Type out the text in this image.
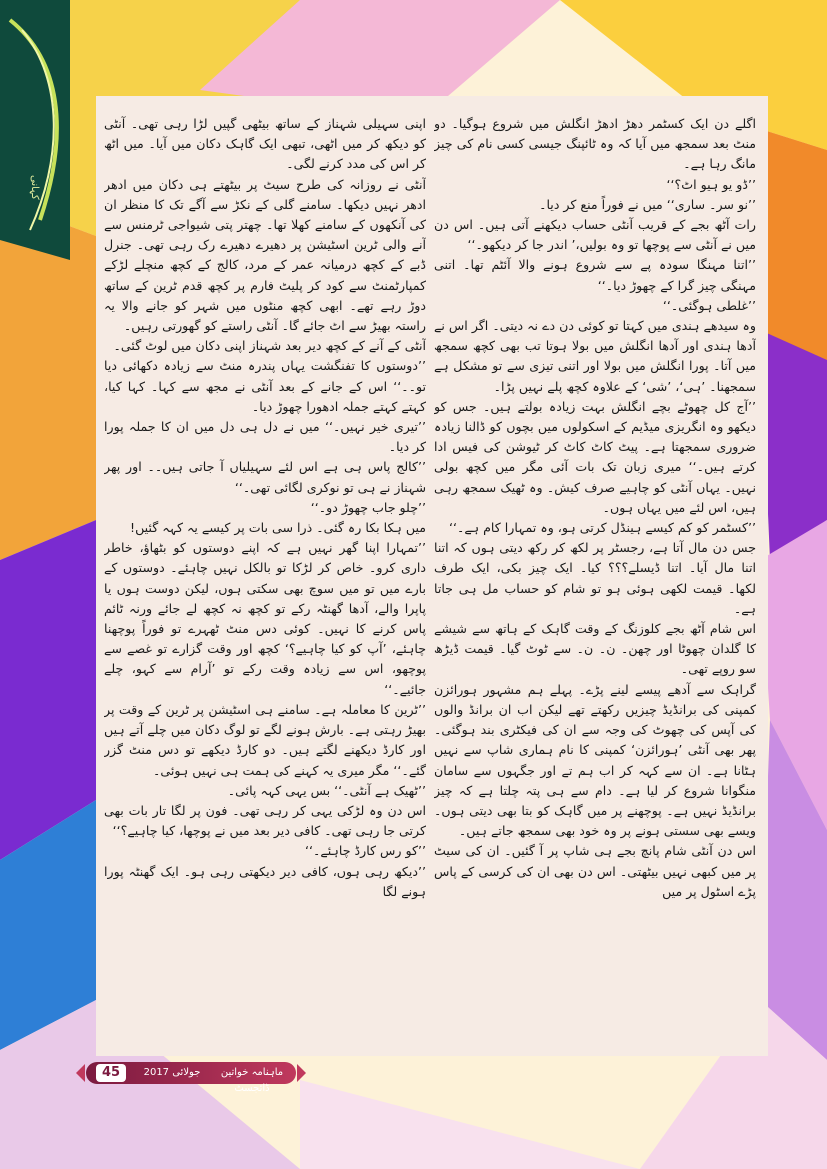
کہانی

اگلے دن ایک کسٹمر دھڑ ادھڑ انگلش میں شروع ہوگیا۔ دو منٹ بعد سمجھ میں آیا کہ وہ ٹائپنگ جیسی کسی نام کی چیز مانگ رہا ہے۔

’’ڈو یو ہیو اٹ؟‘‘

’’نو سر۔ ساری‘‘ میں نے فوراً منع کر دیا۔

رات آٹھ بجے کے قریب آنٹی حساب دیکھنے آتی ہیں۔ اس دن میں نے آنٹی سے پوچھا تو وہ بولیں،’ اندر جا کر دیکھو۔‘‘

’’اتنا مہنگا سودہ پے سے شروع ہونے والا آئٹم تھا۔ اتنی مہنگی چیز گرا کے چھوڑ دیا۔‘‘

’’غلطی ہوگئی۔‘‘

وہ سیدھے ہندی میں کہتا تو کوئی دن دے نہ دیتی۔ اگر اس نے آدھا ہندی اور آدھا انگلش میں بولا ہوتا تب بھی کچھ سمجھ میں آتا۔ پورا انگلش میں بولا اور اتنی تیزی سے تو مشکل ہے سمجھنا۔ ’ہی‘، ’شی‘ کے علاوہ کچھ پلے نہیں پڑا۔

’’آج کل چھوٹے بچے انگلش بہت زیادہ بولتے ہیں۔ جس کو دیکھو وہ انگریزی میڈیم کے اسکولوں میں بچوں کو ڈالنا زیادہ ضروری سمجھتا ہے۔ پیٹ کاٹ کاٹ کر ٹیوشن کی فیس ادا کرتے ہیں۔‘‘ میری زبان تک بات آئی مگر میں کچھ بولی نہیں۔ یہاں آنٹی کو چاہیے صرف کیش۔ وہ ٹھیک سمجھ رہی ہیں، اس لئے میں یہاں ہوں۔

’’کسٹمر کو کم کیسے ہینڈل کرتی ہو، وہ تمہارا کام ہے۔‘‘

جس دن مال آتا ہے، رجسٹر پر لکھ کر رکھ دیتی ہوں کہ اتنا اتنا مال آیا۔ اتنا ڈیسلے؟؟؟ کیا۔ ایک چیز بکی، ایک طرف لکھا۔ قیمت لکھی ہوئی ہو تو شام کو حساب مل ہی جاتا ہے۔

اس شام آٹھ بجے کلوزنگ کے وقت گاہک کے ہاتھ سے شیشے کا گلدان چھوٹا اور چھن۔ ن۔ ن۔ سے ٹوٹ گیا۔ قیمت ڈیڑھ سو روپے تھی۔

گراہک سے آدھے پیسے لینے پڑے۔ پہلے ہم مشہور ہورائزن کمپنی کی برانڈیڈ چیزیں رکھتے تھے لیکن اب ان برانڈ والوں کی آپس کی چھوٹ کی وجہ سے ان کی فیکٹری بند ہوگئی۔ پھر بھی آنٹی ’ہورائزن‘ کمپنی کا نام ہماری شاپ سے نہیں ہٹانا ہے۔ ان سے کہہ کر اب ہم تے اور جگہوں سے سامان منگوانا شروع کر لیا ہے۔ دام سے ہی پتہ چلتا ہے کہ چیز برانڈیڈ نہیں ہے۔ پوچھنے پر میں گاہک کو بتا بھی دیتی ہوں۔ ویسے بھی سستی ہونے پر وہ خود بھی سمجھ جاتے ہیں۔

اس دن آنٹی شام پانچ بجے ہی شاپ پر آ گئیں۔ ان کی سیٹ پر میں کبھی نہیں بیٹھتی۔ اس دن بھی ان کی کرسی کے پاس پڑے اسٹول پر میں

اپنی سہیلی شہناز کے ساتھ بیٹھی گپیں لڑا رہی تھی۔ آنٹی کو دیکھ کر میں اٹھی، تبھی ایک گاہک دکان میں آیا۔ میں اٹھ کر اس کی مدد کرنے لگی۔

آنٹی نے روزانہ کی طرح سیٹ پر بیٹھتے ہی دکان میں ادھر ادھر نہیں دیکھا۔ سامنے گلی کے نکڑ سے آگے تک کا منظر ان کی آنکھوں کے سامنے کھلا تھا۔ چھتر پتی شیواجی ٹرمنس سے آنے والی ٹرین اسٹیشن پر دھیرے دھیرے رک رہی تھی۔ جنرل ڈبے کے کچھ درمیانہ عمر کے مرد، کالج کے کچھ منچلے لڑکے کمپارٹمنٹ سے کود کر پلیٹ فارم پر کچھ قدم ٹرین کے ساتھ دوڑ رہے تھے۔ ابھی کچھ منٹوں میں شہر کو جانے والا یہ راستہ بھیڑ سے اٹ جائے گا۔ آنٹی راستے کو گھورتی رہیں۔

آنٹی کے آنے کے کچھ دیر بعد شہناز اپنی دکان میں لوٹ گئی۔

’’دوستوں کا تفنگشت یہاں پندرہ منٹ سے زیادہ دکھائی دیا تو۔۔‘‘ اس کے جانے کے بعد آنٹی نے مجھ سے کہا۔ کہا کیا، کہتے کہتے جملہ ادھورا چھوڑ دیا۔

’’تیری خیر نہیں۔‘‘ میں نے دل ہی دل میں ان کا جملہ پورا کر دیا۔

’’کالج پاس ہی ہے اس لئے سہیلیاں آ جاتی ہیں۔۔ اور پھر شہناز نے ہی تو نوکری لگائی تھی۔‘‘

’’چلو جاب چھوڑ دو۔‘‘

میں ہکا بکا رہ گئی۔ ذرا سی بات پر کیسے یہ کہہ گئیں!

’’تمہارا اپنا گھر نہیں ہے کہ اپنے دوستوں کو بٹھاؤ، خاطر داری کرو۔ خاص کر لڑکا تو بالکل نہیں چاہئے۔ دوستوں کے بارے میں تو میں سوچ بھی سکتی ہوں، لیکن دوست ہوں یا پاپرا والے، آدھا گھنٹہ رکے تو کچھ نہ کچھ لے جائے ورنہ ٹائم پاس کرنے کا نہیں۔ کوئی دس منٹ ٹھہرے تو فوراً پوچھنا چاہئے، ’آپ کو کیا چاہیے؟‘ کچھ اور وقت گزارے تو غصے سے پوچھو، اس سے زیادہ وقت رکے تو ’آرام سے کہو، چلے جائیے۔‘‘

’’ٹرین کا معاملہ ہے۔ سامنے ہی اسٹیشن پر ٹرین کے وقت پر بھیڑ رہتی ہے۔ بارش ہونے لگے تو لوگ دکان میں چلے آتے ہیں اور کارڈ دیکھنے لگتے ہیں۔ دو کارڈ دیکھے تو دس منٹ گزر گئے۔‘‘ مگر میری یہ کہنے کی ہمت ہی نہیں ہوئی۔

’’ٹھیک ہے آنٹی۔‘‘ بس یہی کہہ پائی۔

اس دن وہ لڑکی یہی کر رہی تھی۔ فون پر لگا تار بات بھی کرتی جا رہی تھی۔ کافی دیر بعد میں نے پوچھا، کیا چاہیے؟‘‘

’’کو رس کارڈ چاہئے۔‘‘

’’دیکھ رہی ہوں، کافی دیر دیکھتی رہی ہو۔ ایک گھنٹہ پورا ہونے لگا

45	جولائی 2017	ماہنامہ خواتین ڈائجسٹ
